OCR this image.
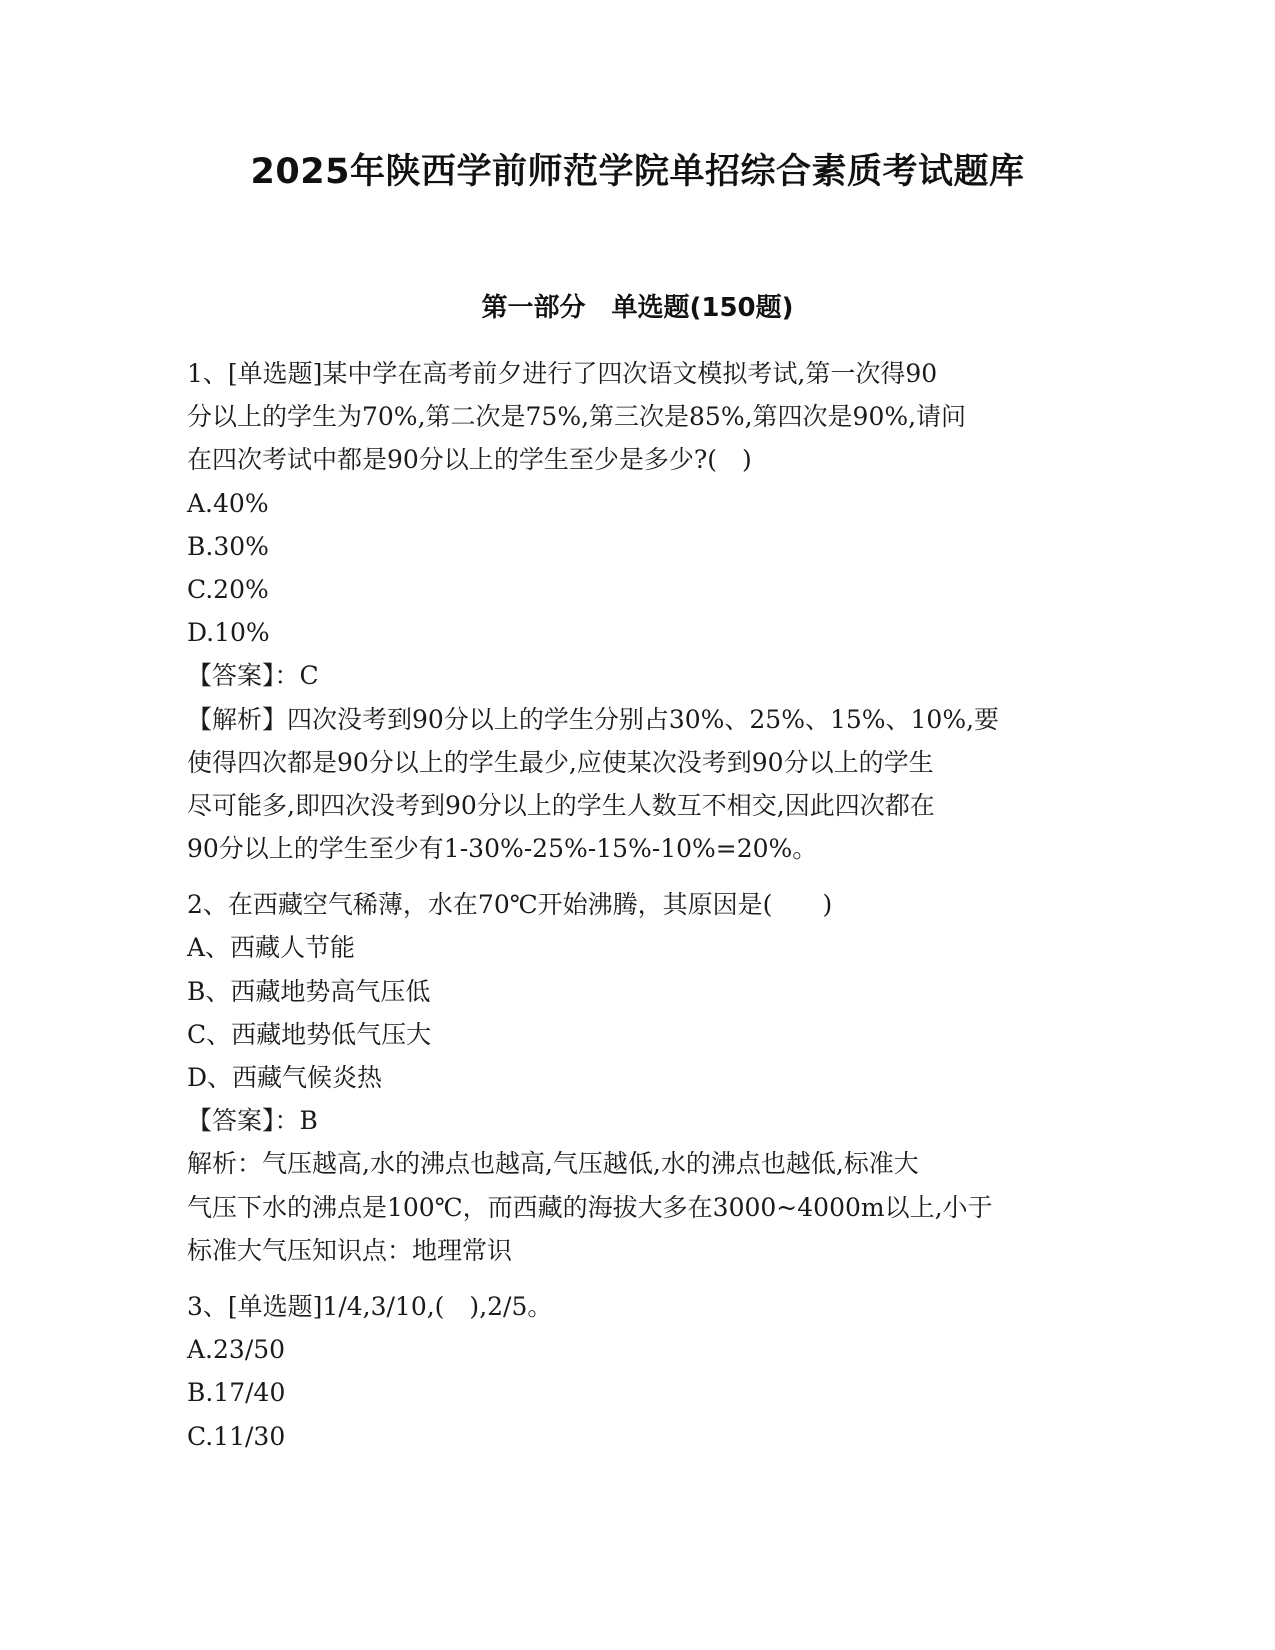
2025年陕西学前师范学院单招综合素质考试题库
第一部分　单选题(150题)
1、[单选题]某中学在高考前夕进行了四次语文模拟考试,第一次得90
分以上的学生为70%,第二次是75%,第三次是85%,第四次是90%,请问
在四次考试中都是90分以上的学生至少是多少?(　)
A.40%
B.30%
C.20%
D.10%
【答案】：C
【解析】四次没考到90分以上的学生分别占30%、25%、15%、10%,要
使得四次都是90分以上的学生最少,应使某次没考到90分以上的学生
尽可能多,即四次没考到90分以上的学生人数互不相交,因此四次都在
90分以上的学生至少有1-30%-25%-15%-10%=20%。
2、在西藏空气稀薄，水在70℃开始沸腾，其原因是(　　)
A、西藏人节能
B、西藏地势高气压低
C、西藏地势低气压大
D、西藏气候炎热
【答案】：B
解析：气压越高,水的沸点也越高,气压越低,水的沸点也越低,标准大
气压下水的沸点是100℃，而西藏的海拔大多在3000~4000m以上,小于
标准大气压知识点：地理常识
3、[单选题]1/4,3/10,(　),2/5。
A.23/50
B.17/40
C.11/30
